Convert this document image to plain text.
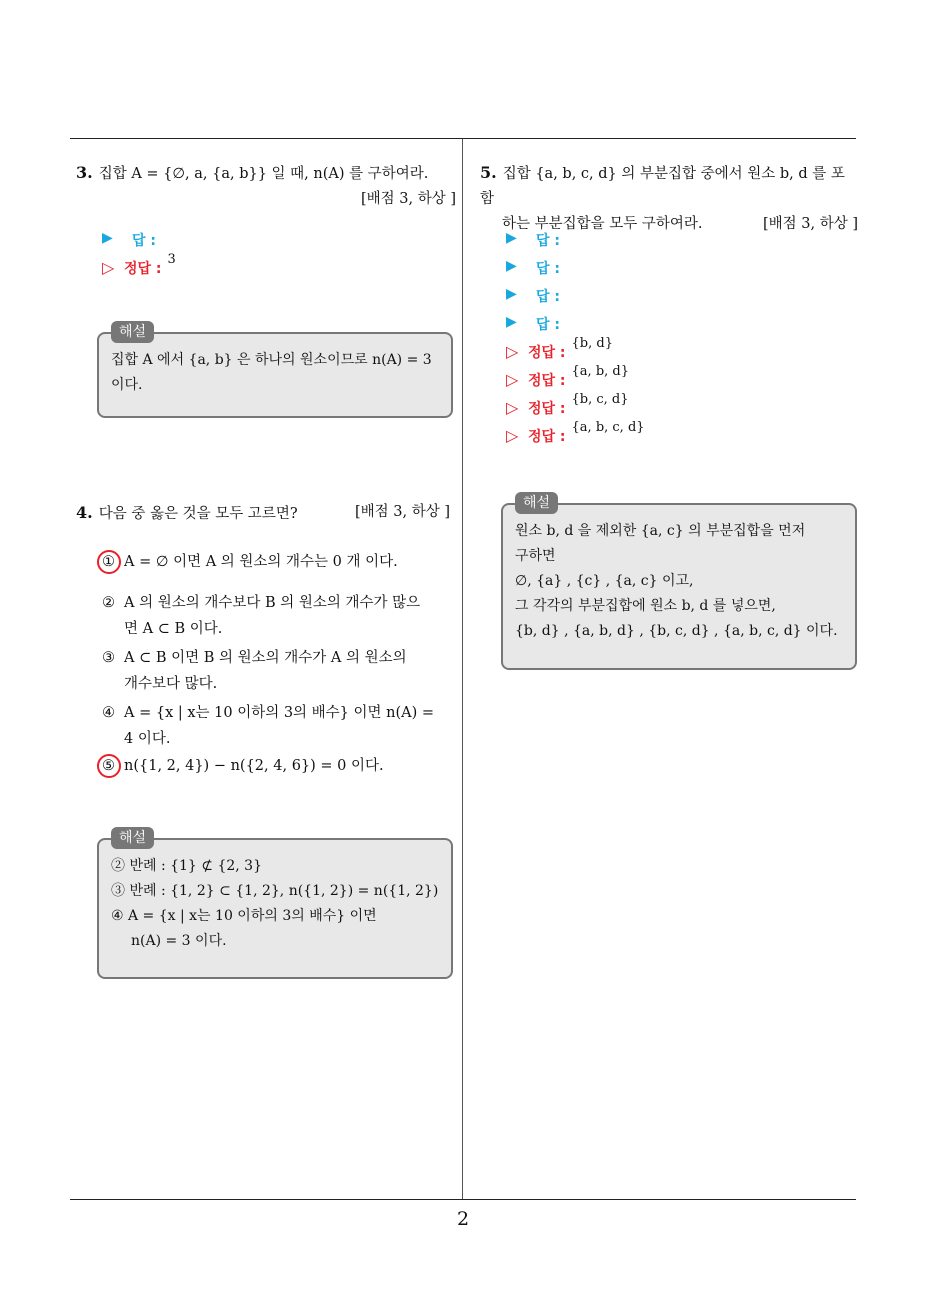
2
3. 집합 A = {∅, a, {a, b}} 일 때, n(A) 를 구하여라.
[배점 3, 하상 ]
▶	답 :
▷ 정답 :
3
해설
집합 A 에서 {a, b} 은 하나의 원소이므로 n(A) = 3
이다.
4. 다음 중 옳은 것을 모두 고르면?	[배점 3, 하상 ]
① A = ∅ 이면 A 의 원소의 개수는 0 개 이다.
② A 의 원소의 개수보다 B 의 원소의 개수가 많으
면 A ⊂ B 이다.
③ A ⊂ B 이면 B 의 원소의 개수가 A 의 원소의
개수보다 많다.
④ A = {x | x는 10 이하의 3의 배수} 이면 n(A) =
4 이다.
⑤ n({1, 2, 4}) − n({2, 4, 6}) = 0 이다.
해설
② 반례 : {1} ⊄ {2, 3}
③ 반례 : {1, 2} ⊂ {1, 2}, n({1, 2}) = n({1, 2})
④ A = {x | x는 10 이하의 3의 배수} 이면
n(A) = 3 이다.
5. 집합 {a, b, c, d} 의 부분집합 중에서 원소 b, d 를 포함
하는 부분집합을 모두 구하여라.	[배점 3, 하상 ]
▶	답 :
▶	답 :
▶	답 :
▶	답 :
▷ 정답 :
{b, d}
▷ 정답 :
{a, b, d}
▷ 정답 :
{b, c, d}
▷ 정답 :
{a, b, c, d}
해설
원소 b, d 을 제외한 {a, c} 의 부분집합을 먼저
구하면
∅, {a} , {c} , {a, c} 이고,
그 각각의 부분집합에 원소 b, d 를 넣으면,
{b, d} , {a, b, d} , {b, c, d} , {a, b, c, d} 이다.
